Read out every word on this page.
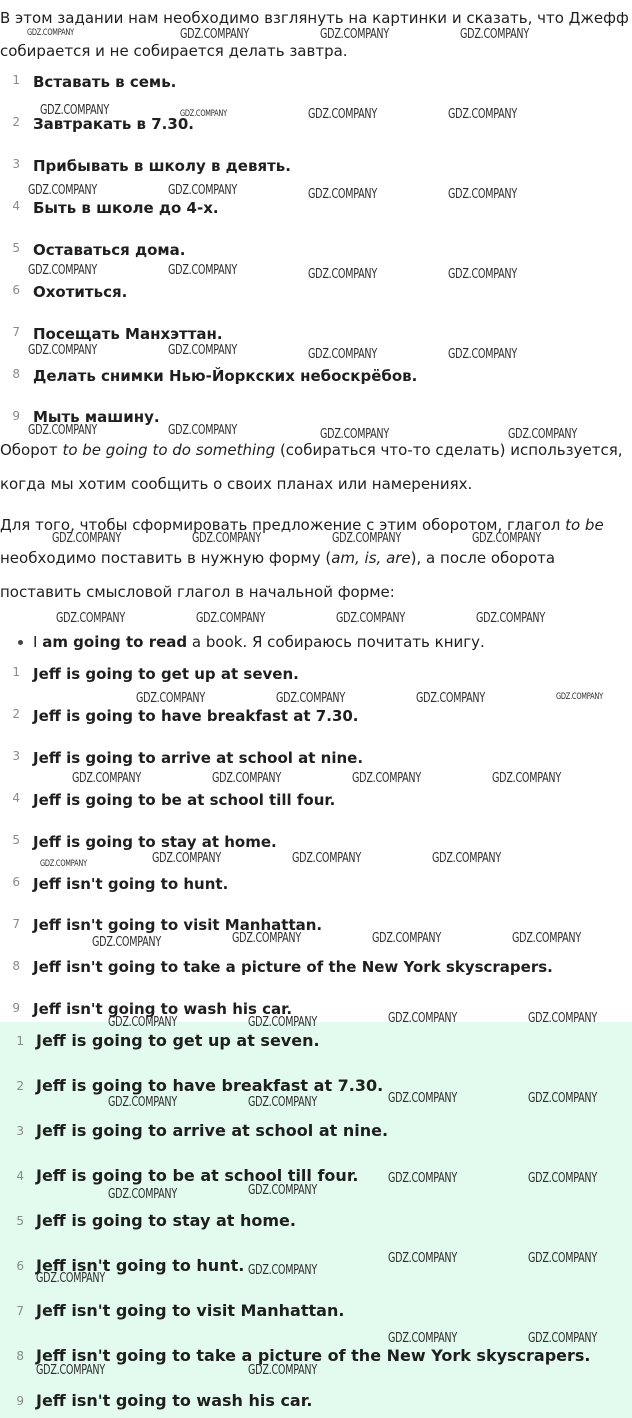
В этом задании нам необходимо взглянуть на картинки и сказать, что Джефф
собирается и не собирается делать завтра.
1 Вставать в семь.
2 Завтракать в 7.30.
3 Прибывать в школу в девять.
4 Быть в школе до 4-х.
5 Оставаться дома.
6 Охотиться.
7 Посещать Манхэттан.
8 Делать снимки Нью-Йоркских небоскрёбов.
9 Мыть машину.
Оборот to be going to do something (собираться что-то сделать) используется,
когда мы хотим сообщить о своих планах или намерениях.
Для того, чтобы сформировать предложение с этим оборотом, глагол to be
необходимо поставить в нужную форму (am, is, are), а после оборота
поставить смысловой глагол в начальной форме:
I am going to read a book. Я собираюсь почитать книгу.
1 Jeff is going to get up at seven.
2 Jeff is going to have breakfast at 7.30.
3 Jeff is going to arrive at school at nine.
4 Jeff is going to be at school till four.
5 Jeff is going to stay at home.
6 Jeff isn't going to hunt.
7 Jeff isn't going to visit Manhattan.
8 Jeff isn't going to take a picture of the New York skyscrapers.
9 Jeff isn't going to wash his car.
1 Jeff is going to get up at seven.
2 Jeff is going to have breakfast at 7.30.
3 Jeff is going to arrive at school at nine.
4 Jeff is going to be at school till four.
5 Jeff is going to stay at home.
6 Jeff isn't going to hunt.
7 Jeff isn't going to visit Manhattan.
8 Jeff isn't going to take a picture of the New York skyscrapers.
9 Jeff isn't going to wash his car.
GDZ.COMPANY	GDZ.COMPANY	GDZ.COMPANY	GDZ.COMPANY
GDZ.COMPANY	GDZ.COMPANY	GDZ.COMPANY	GDZ.COMPANY
GDZ.COMPANY	GDZ.COMPANY	GDZ.COMPANY	GDZ.COMPANY
GDZ.COMPANY	GDZ.COMPANY	GDZ.COMPANY	GDZ.COMPANY
GDZ.COMPANY	GDZ.COMPANY	GDZ.COMPANY	GDZ.COMPANY
GDZ.COMPANY	GDZ.COMPANY	GDZ.COMPANY	GDZ.COMPANY
GDZ.COMPANY	GDZ.COMPANY	GDZ.COMPANY	GDZ.COMPANY
GDZ.COMPANY	GDZ.COMPANY	GDZ.COMPANY	GDZ.COMPANY
GDZ.COMPANY	GDZ.COMPANY	GDZ.COMPANY	GDZ.COMPANY
GDZ.COMPANY	GDZ.COMPANY	GDZ.COMPANY	GDZ.COMPANY
GDZ.COMPANY	GDZ.COMPANY	GDZ.COMPANY	GDZ.COMPANY
GDZ.COMPANY	GDZ.COMPANY	GDZ.COMPANY	GDZ.COMPANY
GDZ.COMPANY	GDZ.COMPANY	GDZ.COMPANY	GDZ.COMPANY
GDZ.COMPANY	GDZ.COMPANY	GDZ.COMPANY	GDZ.COMPANY
GDZ.COMPANY	GDZ.COMPANY
GDZ.COMPANY	GDZ.COMPANY
GDZ.COMPANY
GDZ.COMPANY
GDZ.COMPANY	GDZ.COMPANY
GDZ.COMPANY	GDZ.COMPANY
GDZ.COMPANY	GDZ.COMPANY
